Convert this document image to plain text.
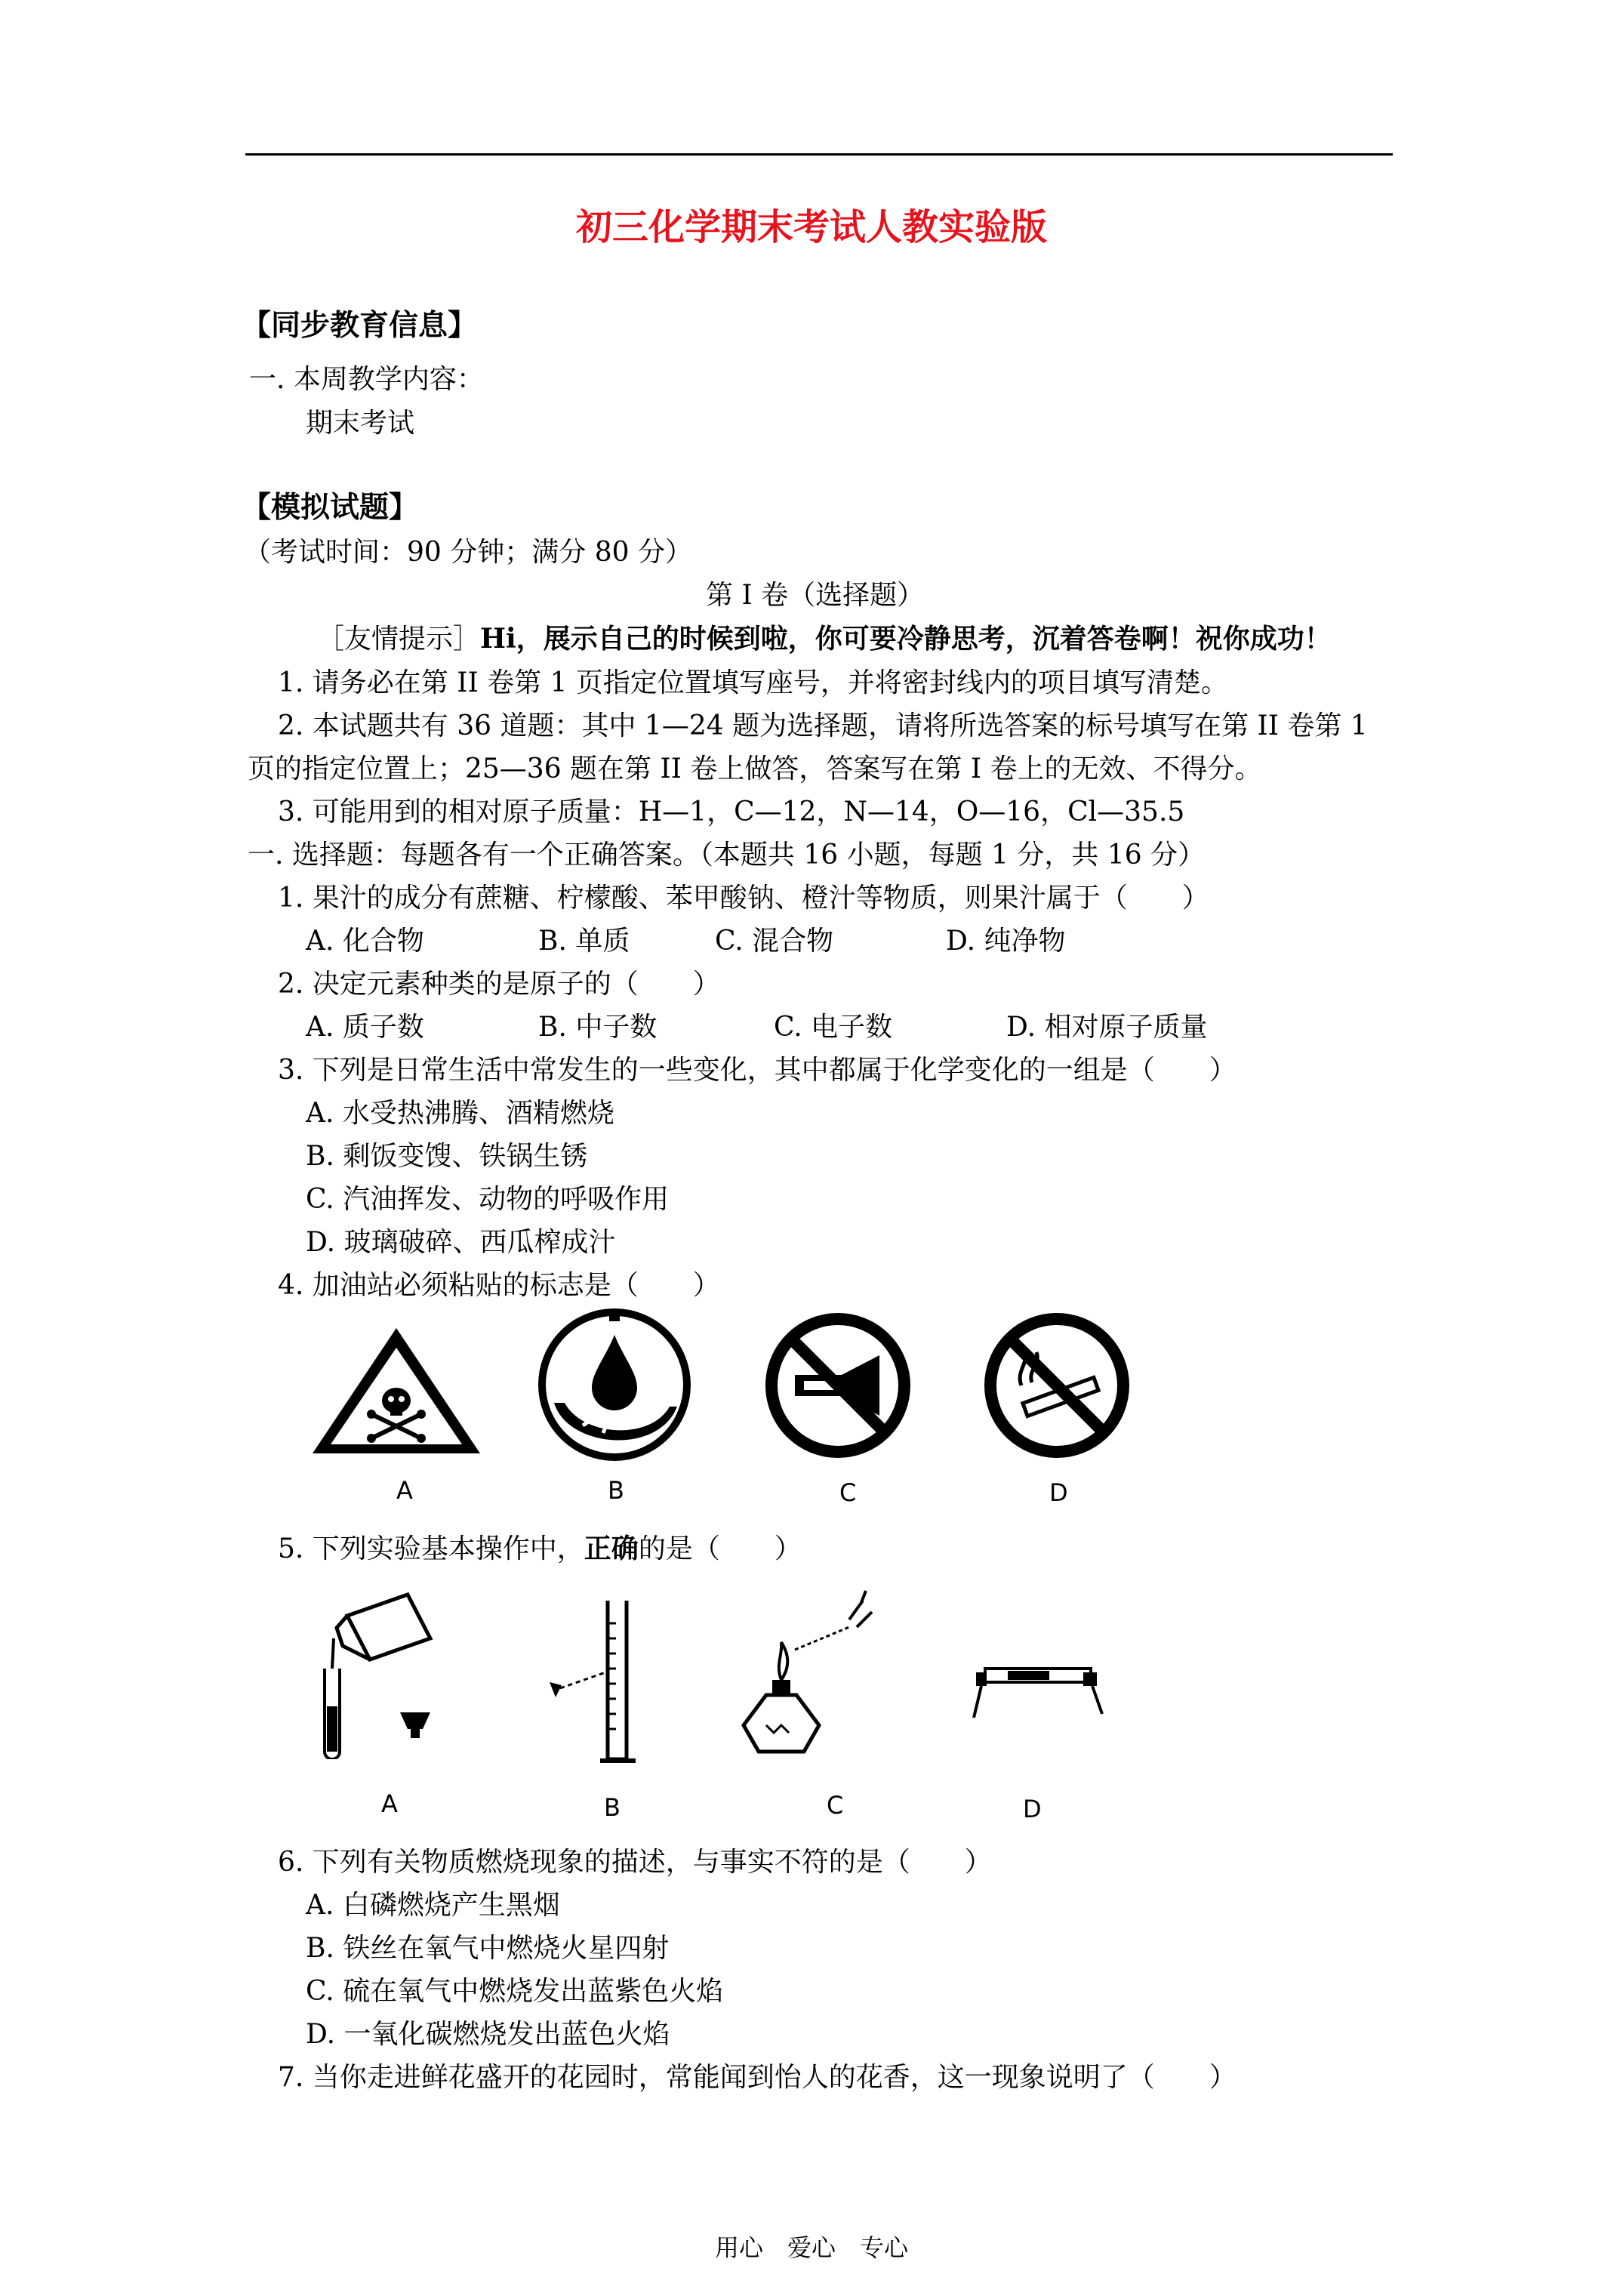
初三化学期末考试人教实验版
【同步教育信息】
一. 本周教学内容：
期末考试
【模拟试题】
（考试时间：90 分钟；满分 80 分）
第 I 卷（选择题）
［友情提示］Hi，展示自己的时候到啦，你可要冷静思考，沉着答卷啊！祝你成功！
1. 请务必在第 II 卷第 1 页指定位置填写座号，并将密封线内的项目填写清楚。
2. 本试题共有 36 道题：其中 1—24 题为选择题，请将所选答案的标号填写在第 II 卷第 1
页的指定位置上；25—36 题在第 II 卷上做答，答案写在第 I 卷上的无效、不得分。
3. 可能用到的相对原子质量：H—1，C—12，N—14，O—16，Cl—35.5
一. 选择题：每题各有一个正确答案。（本题共 16 小题，每题 1 分，共 16 分）
1. 果汁的成分有蔗糖、柠檬酸、苯甲酸钠、橙汁等物质，则果汁属于（　　）
A. 化合物	B. 单质	C. 混合物	D. 纯净物
2. 决定元素种类的是原子的（　　）
A. 质子数	B. 中子数	C. 电子数	D. 相对原子质量
3. 下列是日常生活中常发生的一些变化，其中都属于化学变化的一组是（　　）
A. 水受热沸腾、酒精燃烧
B. 剩饭变馊、铁锅生锈
C. 汽油挥发、动物的呼吸作用
D. 玻璃破碎、西瓜榨成汁
4. 加油站必须粘贴的标志是（　　）
A	B	C	D
5. 下列实验基本操作中，正确的是（　　）
A	B	C	D
6. 下列有关物质燃烧现象的描述，与事实不符的是（　　）
A. 白磷燃烧产生黑烟
B. 铁丝在氧气中燃烧火星四射
C. 硫在氧气中燃烧发出蓝紫色火焰
D. 一氧化碳燃烧发出蓝色火焰
7. 当你走进鲜花盛开的花园时，常能闻到怡人的花香，这一现象说明了（　　）
用心　爱心　专心
